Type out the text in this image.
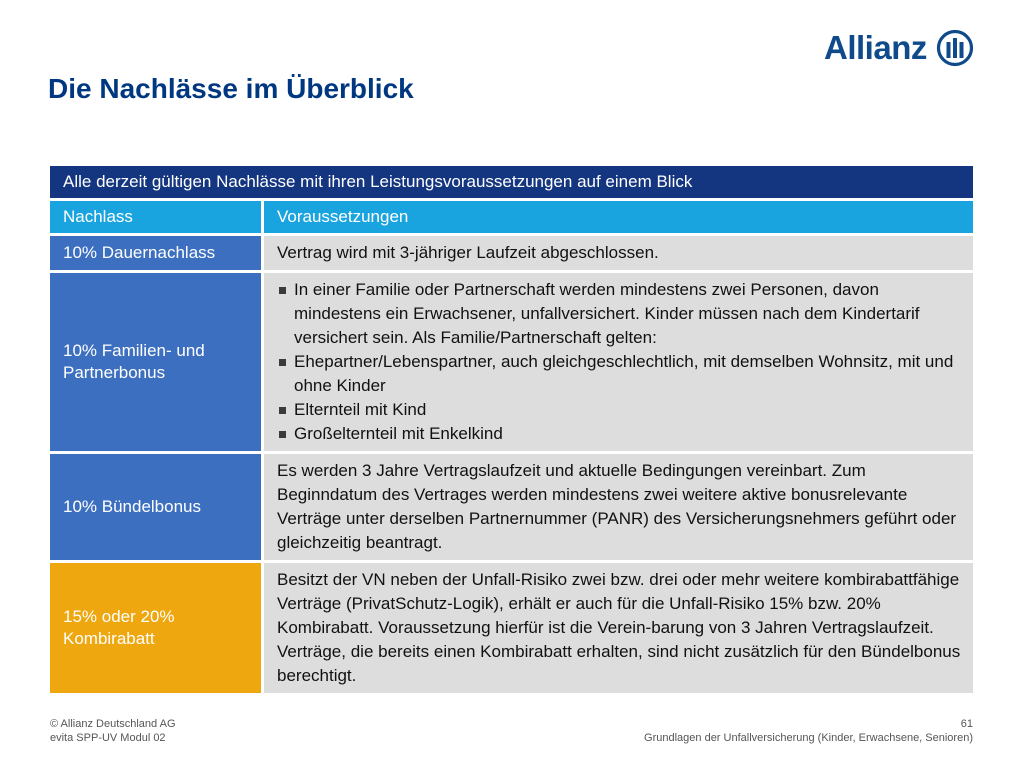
Allianz
Die Nachlässe im Überblick
Alle derzeit gültigen Nachlässe mit ihren Leistungsvoraussetzungen auf einem Blick
Nachlass	Voraussetzungen
10% Dauernachlass	Vertrag wird mit 3-jähriger Laufzeit abgeschlossen.
10% Familien- und Partnerbonus
In einer Familie oder Partnerschaft werden mindestens zwei Personen, davon mindestens ein Erwachsener, unfallversichert. Kinder müssen nach dem Kindertarif versichert sein. Als Familie/Partnerschaft gelten:
Ehepartner/Lebenspartner, auch gleichgeschlechtlich, mit demselben Wohnsitz, mit und ohne Kinder
Elternteil mit Kind
Großelternteil mit Enkelkind
10% Bündelbonus
Es werden 3 Jahre Vertragslaufzeit und aktuelle Bedingungen vereinbart. Zum Beginndatum des Vertrages werden mindestens zwei weitere aktive bonusrelevante Verträge unter derselben Partnernummer (PANR) des Versicherungsnehmers geführt oder gleichzeitig beantragt.
15% oder 20% Kombirabatt
Besitzt der VN neben der Unfall-Risiko zwei bzw. drei oder mehr weitere kombirabattfähige Verträge (PrivatSchutz-Logik), erhält er auch für die Unfall-Risiko 15% bzw. 20% Kombirabatt. Voraussetzung hierfür ist die Verein-barung von 3 Jahren Vertragslaufzeit. Verträge, die bereits einen Kombirabatt erhalten, sind nicht zusätzlich für den Bündelbonus berechtigt.
© Allianz Deutschland AG
evita SPP-UV Modul 02
61
Grundlagen der Unfallversicherung (Kinder, Erwachsene, Senioren)
